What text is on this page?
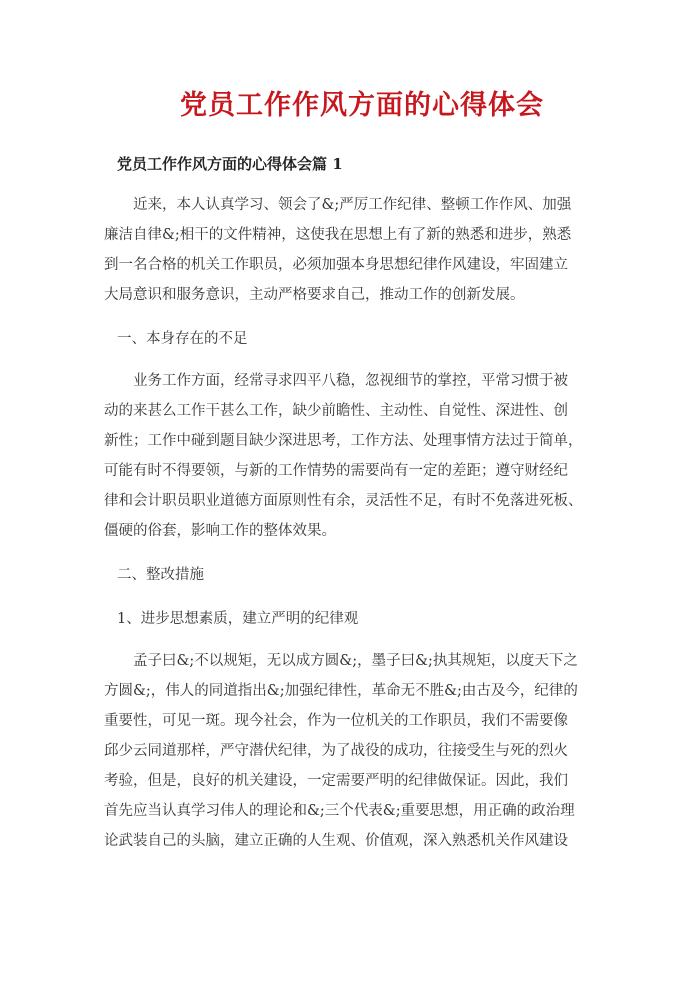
党员工作作风方面的心得体会
党员工作作风方面的心得体会篇 1
近来，本人认真学习、领会了&;严厉工作纪律、整顿工作作风、加强
廉洁自律&;相干的文件精神，这使我在思想上有了新的熟悉和进步，熟悉
到一名合格的机关工作职员，必须加强本身思想纪律作风建设，牢固建立
大局意识和服务意识，主动严格要求自己，推动工作的创新发展。
一、本身存在的不足
业务工作方面，经常寻求四平八稳，忽视细节的掌控，平常习惯于被
动的来甚么工作干甚么工作，缺少前瞻性、主动性、自觉性、深进性、创
新性；工作中碰到题目缺少深进思考，工作方法、处理事情方法过于简单，
可能有时不得要领，与新的工作情势的需要尚有一定的差距；遵守财经纪
律和会计职员职业道德方面原则性有余，灵活性不足，有时不免落进死板、
僵硬的俗套，影响工作的整体效果。
二、整改措施
1、进步思想素质，建立严明的纪律观
孟子曰&;不以规矩，无以成方圆&;，墨子曰&;执其规矩，以度天下之
方圆&;，伟人的同道指出&;加强纪律性，革命无不胜&;由古及今，纪律的
重要性，可见一斑。现今社会，作为一位机关的工作职员，我们不需要像
邱少云同道那样，严守潜伏纪律，为了战役的成功，往接受生与死的烈火
考验，但是，良好的机关建设，一定需要严明的纪律做保证。因此，我们
首先应当认真学习伟人的理论和&;三个代表&;重要思想，用正确的政治理
论武装自己的头脑，建立正确的人生观、价值观，深入熟悉机关作风建设
